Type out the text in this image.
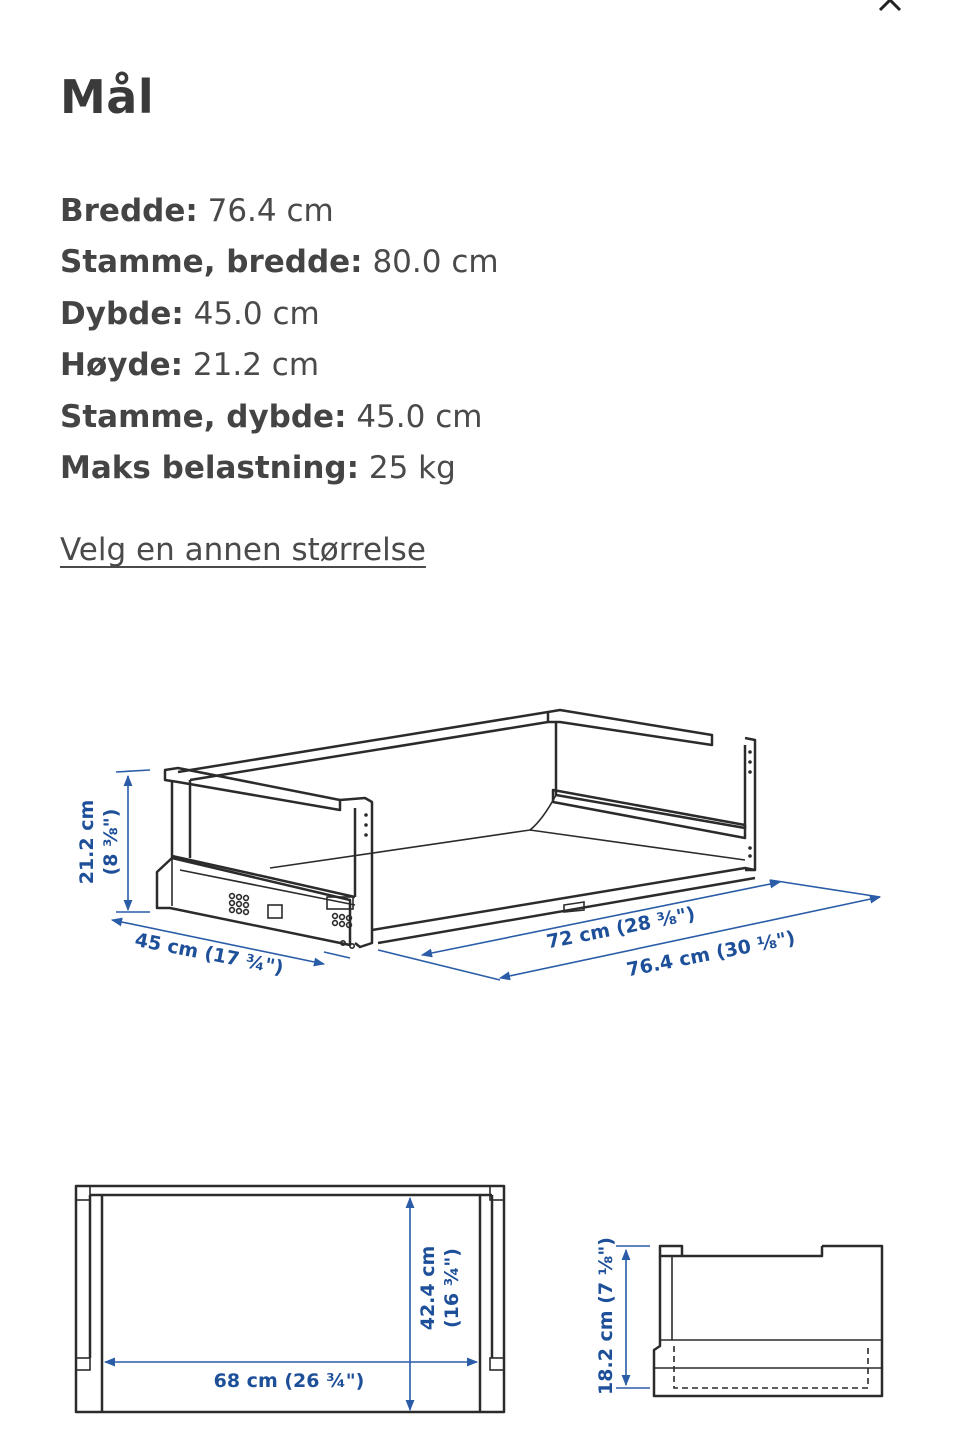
Mål
Bredde: 76.4 cm
Stamme, bredde: 80.0 cm
Dybde: 45.0 cm
Høyde: 21.2 cm
Stamme, dybde: 45.0 cm
Maks belastning: 25 kg
Velg en annen størrelse
21.2 cm (8 ⅜")
45 cm (17 ¾")
72 cm (28 ⅜")
76.4 cm (30 ⅛")
68 cm (26 ¾")
42.4 cm (16 ¾")	18.2 cm (7 ⅛")
